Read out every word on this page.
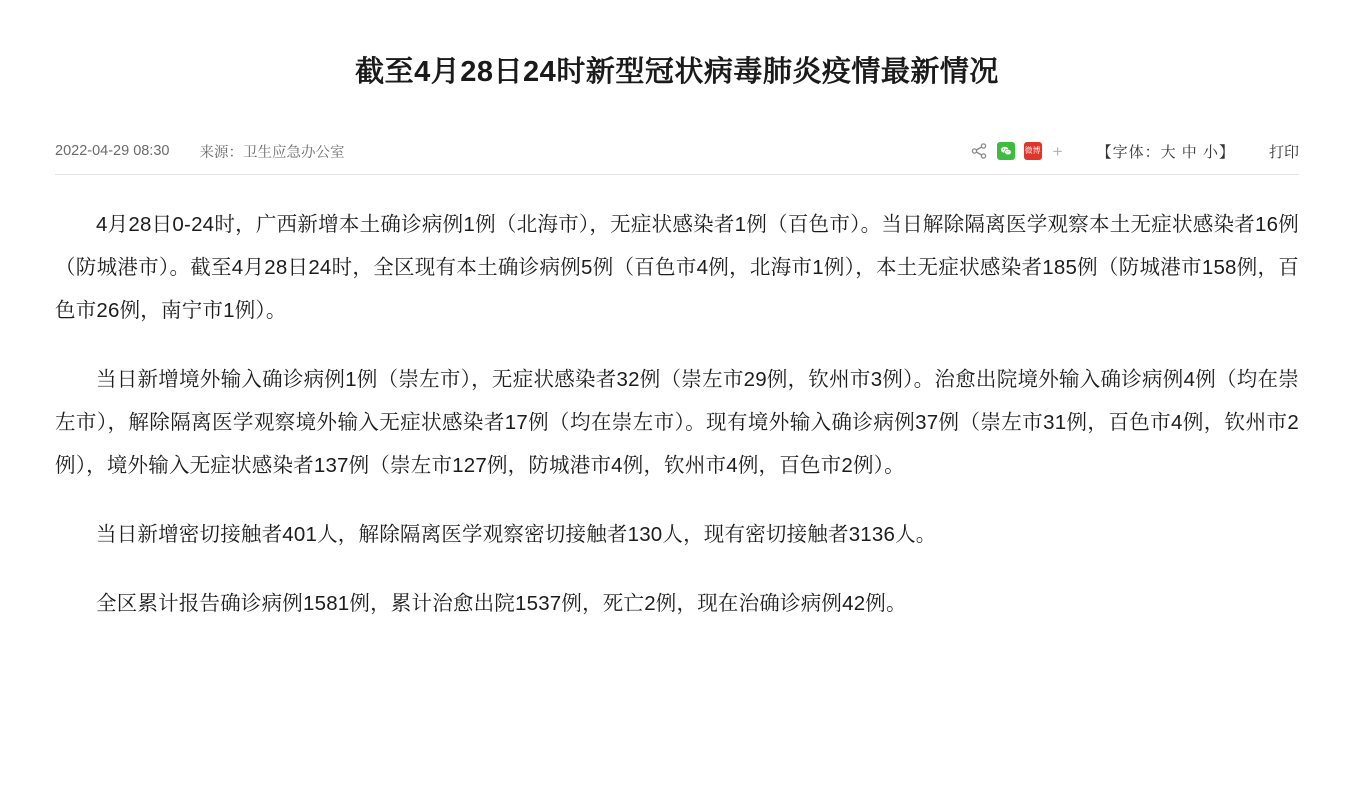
截至4月28日24时新型冠状病毒肺炎疫情最新情况
2022-04-29 08:30 来源：卫生应急办公室	微博 + 【字体：大 中 小】 打印

4月28日0-24时，广西新增本土确诊病例1例（北海市），无症状感染者1例（百色市）。当日解除隔离医学观察本土无症状感染者16例（防城港市）。截至4月28日24时，全区现有本土确诊病例5例（百色市4例，北海市1例），本土无症状感染者185例（防城港市158例，百色市26例，南宁市1例）。

当日新增境外输入确诊病例1例（崇左市），无症状感染者32例（崇左市29例，钦州市3例）。治愈出院境外输入确诊病例4例（均在崇左市），解除隔离医学观察境外输入无症状感染者17例（均在崇左市）。现有境外输入确诊病例37例（崇左市31例，百色市4例，钦州市2例），境外输入无症状感染者137例（崇左市127例，防城港市4例，钦州市4例，百色市2例）。

当日新增密切接触者401人，解除隔离医学观察密切接触者130人，现有密切接触者3136人。

全区累计报告确诊病例1581例，累计治愈出院1537例，死亡2例，现在治确诊病例42例。
